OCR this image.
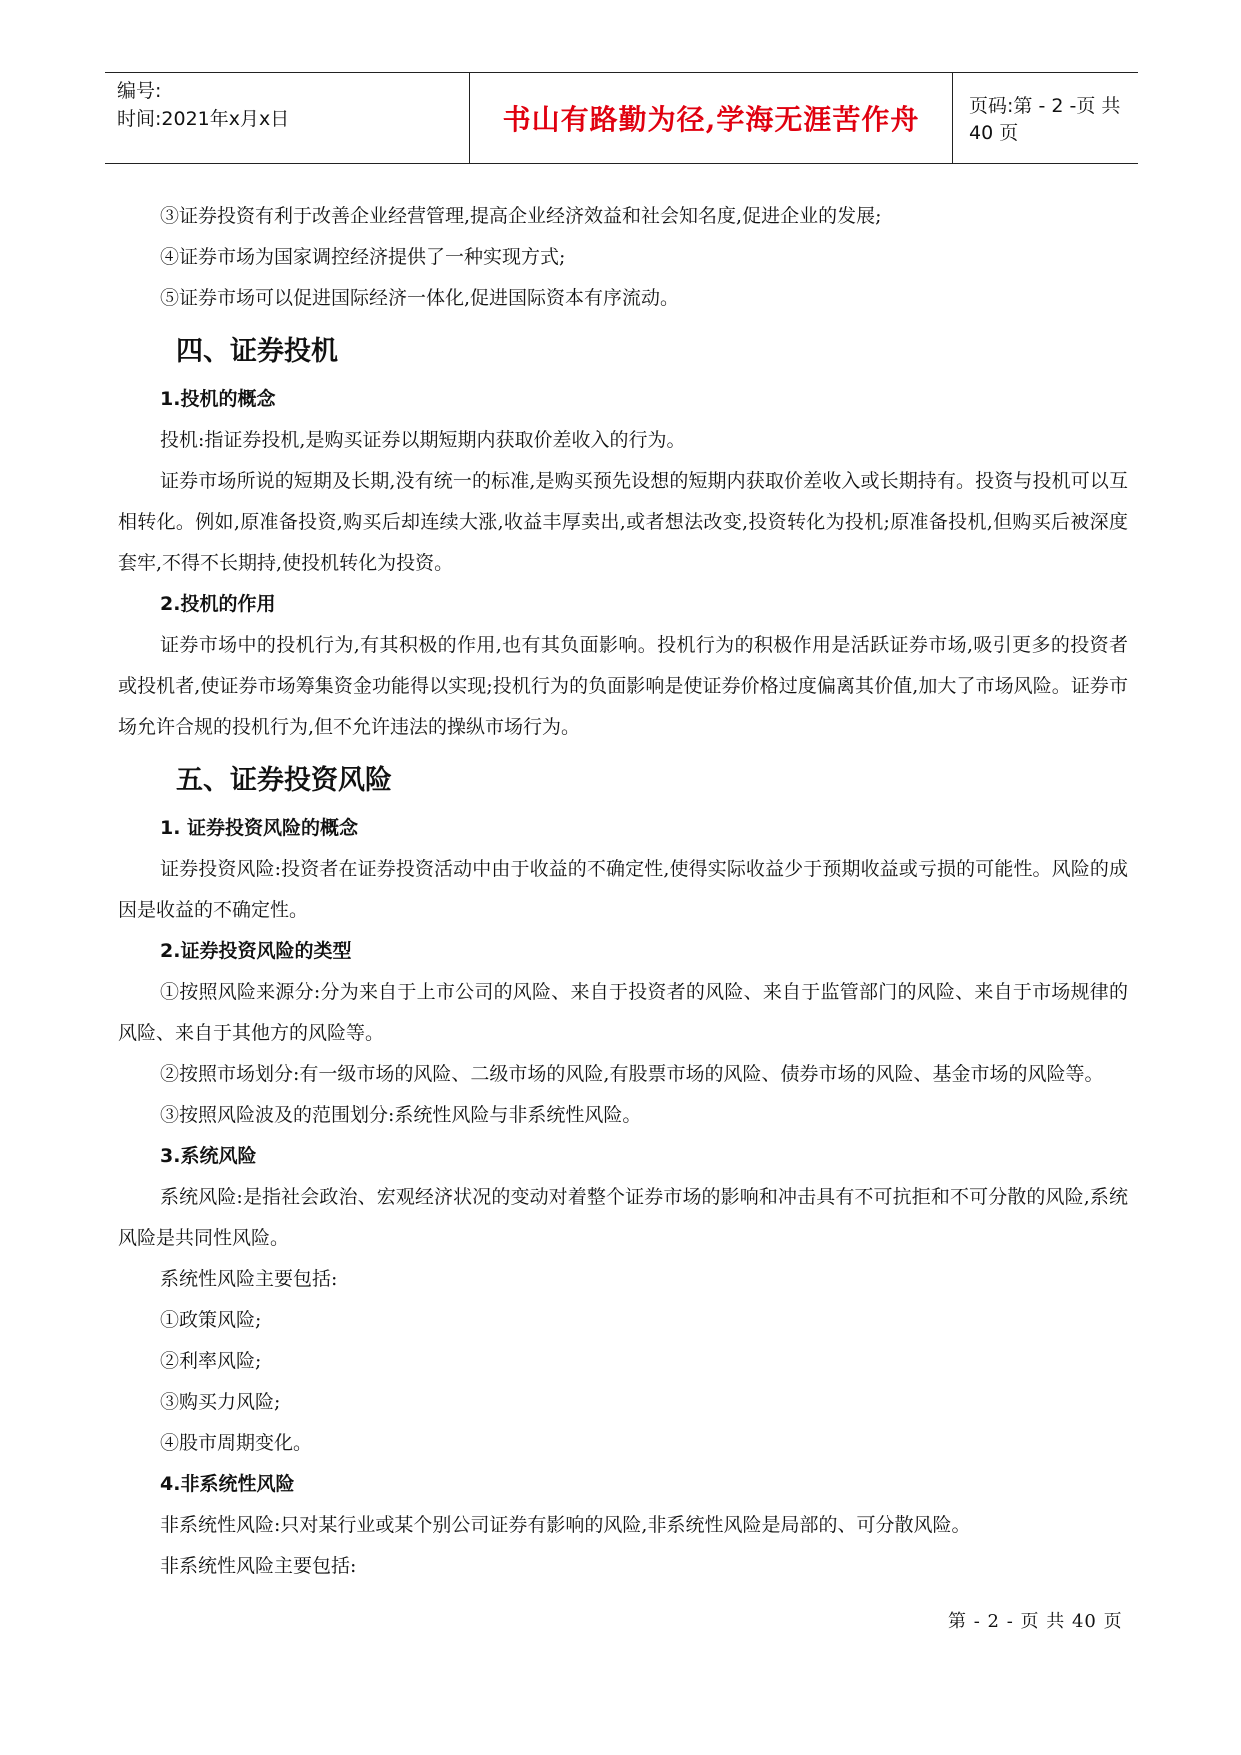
编号:
时间:2021年x月x日	书山有路勤为径,学海无涯苦作舟	页码:第 - 2 -页 共 40 页

③证券投资有利于改善企业经营管理,提高企业经济效益和社会知名度,促进企业的发展;

④证券市场为国家调控经济提供了一种实现方式;

⑤证券市场可以促进国际经济一体化,促进国际资本有序流动。

四、证券投机
1.投机的概念

投机:指证券投机,是购买证券以期短期内获取价差收入的行为。

证券市场所说的短期及长期,没有统一的标准,是购买预先设想的短期内获取价差收入或长期持有。投资与投机可以互相转化。例如,原准备投资,购买后却连续大涨,收益丰厚卖出,或者想法改变,投资转化为投机;原准备投机,但购买后被深度套牢,不得不长期持,使投机转化为投资。

2.投机的作用

证券市场中的投机行为,有其积极的作用,也有其负面影响。投机行为的积极作用是活跃证券市场,吸引更多的投资者或投机者,使证券市场筹集资金功能得以实现;投机行为的负面影响是使证券价格过度偏离其价值,加大了市场风险。证券市场允许合规的投机行为,但不允许违法的操纵市场行为。

五、证券投资风险
1. 证券投资风险的概念

证券投资风险:投资者在证券投资活动中由于收益的不确定性,使得实际收益少于预期收益或亏损的可能性。风险的成因是收益的不确定性。

2.证券投资风险的类型

①按照风险来源分:分为来自于上市公司的风险、来自于投资者的风险、来自于监管部门的风险、来自于市场规律的风险、来自于其他方的风险等。

②按照市场划分:有一级市场的风险、二级市场的风险,有股票市场的风险、债券市场的风险、基金市场的风险等。

③按照风险波及的范围划分:系统性风险与非系统性风险。

3.系统风险

系统风险:是指社会政治、宏观经济状况的变动对着整个证券市场的影响和冲击具有不可抗拒和不可分散的风险,系统风险是共同性风险。

系统性风险主要包括:

①政策风险;

②利率风险;

③购买力风险;

④股市周期变化。

4.非系统性风险

非系统性风险:只对某行业或某个别公司证券有影响的风险,非系统性风险是局部的、可分散风险。

非系统性风险主要包括:

第 - 2 - 页 共 40 页
